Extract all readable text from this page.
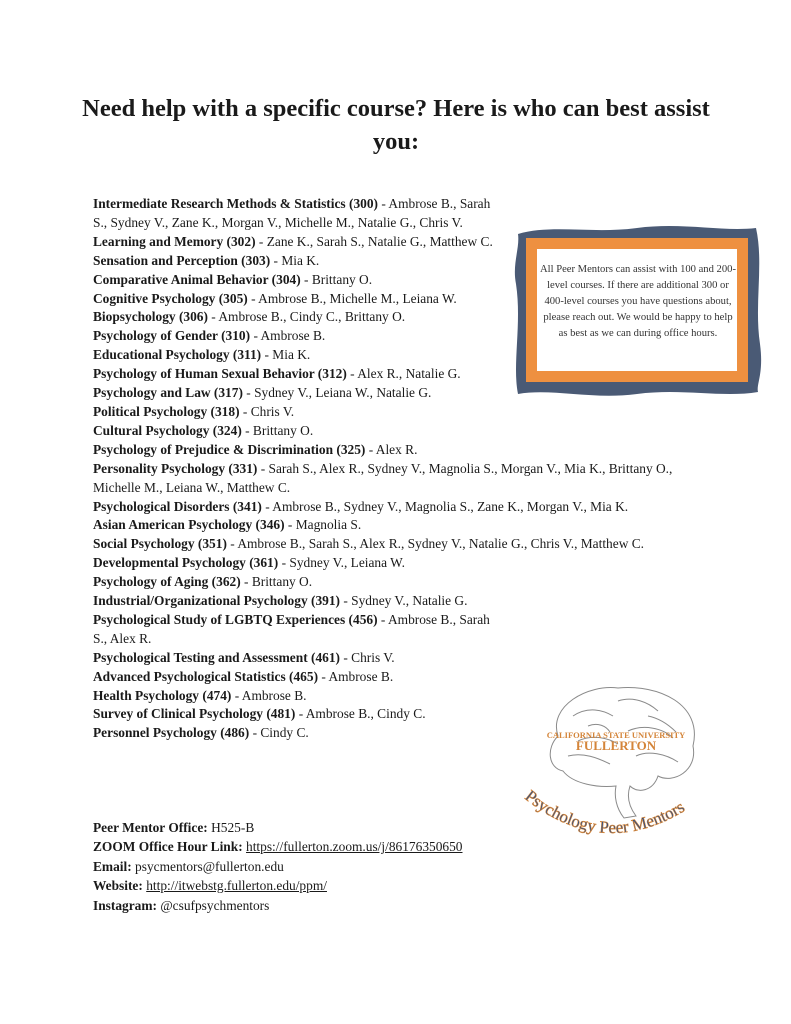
Need help with a specific course? Here is who can best assist you:

Intermediate Research Methods & Statistics (300) - Ambrose B., Sarah S., Sydney V., Zane K., Morgan V., Michelle M., Natalie G., Chris V.

Learning and Memory (302) - Zane K., Sarah S., Natalie G., Matthew C.

Sensation and Perception (303) - Mia K.

Comparative Animal Behavior (304) - Brittany O.

Cognitive Psychology (305) - Ambrose B., Michelle M., Leiana W.

Biopsychology (306) - Ambrose B., Cindy C., Brittany O.

Psychology of Gender (310) - Ambrose B.

Educational Psychology (311) - Mia K.

Psychology of Human Sexual Behavior (312) - Alex R., Natalie G.

Psychology and Law (317) - Sydney V., Leiana W., Natalie G.

Political Psychology (318) - Chris V.

Cultural Psychology (324) - Brittany O.

Psychology of Prejudice & Discrimination (325) - Alex R.

Personality Psychology (331) - Sarah S., Alex R., Sydney V., Magnolia S., Morgan V., Mia K., Brittany O., Michelle M., Leiana W., Matthew C.

Psychological Disorders (341) - Ambrose B., Sydney V., Magnolia S., Zane K., Morgan V., Mia K.

Asian American Psychology (346) - Magnolia S.

Social Psychology (351) - Ambrose B., Sarah S., Alex R., Sydney V., Natalie G., Chris V., Matthew C.

Developmental Psychology (361) - Sydney V., Leiana W.

Psychology of Aging (362) - Brittany O.

Industrial/Organizational Psychology (391) - Sydney V., Natalie G.

Psychological Study of LGBTQ Experiences (456) - Ambrose B., Sarah S., Alex R.

Psychological Testing and Assessment (461) - Chris V.

Advanced Psychological Statistics (465) - Ambrose B.

Health Psychology (474) - Ambrose B.

Survey of Clinical Psychology (481) - Ambrose B., Cindy C.

Personnel Psychology (486) - Cindy C.

All Peer Mentors can assist with 100 and 200-level courses. If there are additional 300 or 400-level courses you have questions about, please reach out. We would be happy to help as best as we can during office hours.
CALIFORNIA STATE UNIVERSITY
FULLERTON
Psychology Peer Mentors

Peer Mentor Office: H525-B

ZOOM Office Hour Link: https://fullerton.zoom.us/j/86176350650

Email: psycmentors@fullerton.edu

Website: http://itwebstg.fullerton.edu/ppm/

Instagram: @csufpsychmentors
